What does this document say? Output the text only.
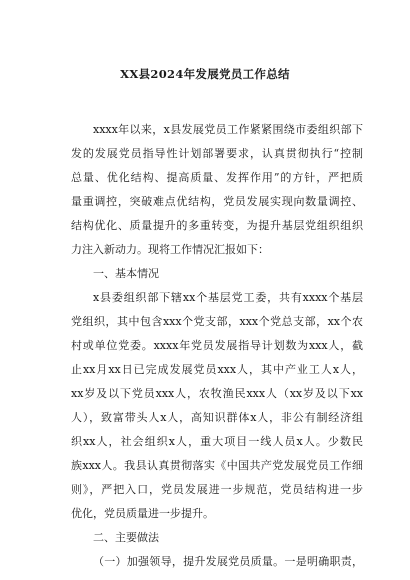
XX县2024年发展党员工作总结
xxxx年以来，x县发展党员工作紧紧围绕市委组织部下
发的发展党员指导性计划部署要求，认真贯彻执行“控制
总量、优化结构、提高质量、发挥作用”的方针，严把质
量重调控，突破难点优结构，党员发展实现向数量调控、
结构优化、质量提升的多重转变，为提升基层党组织组织
力注入新动力。现将工作情况汇报如下：
一、基本情况
x县委组织部下辖xx个基层党工委，共有xxxx个基层
党组织，其中包含xxx个党支部，xxx个党总支部，xx个农
村或单位党委。xxxx年党员发展指导计划数为xxx人，截
止xx月xx日已完成发展党员xxx人，其中产业工人x人，
xx岁及以下党员xxx人，农牧渔民xxx人（xx岁及以下xx
人），致富带头人x人，高知识群体x人，非公有制经济组
织xx人，社会组织x人，重大项目一线人员x人。少数民
族xxx人。我县认真贯彻落实《中国共产党发展党员工作细
则》，严把入口，党员发展进一步规范，党员结构进一步
优化，党员质量进一步提升。
二、主要做法
（一）加强领导，提升发展党员质量。一是明确职责，
